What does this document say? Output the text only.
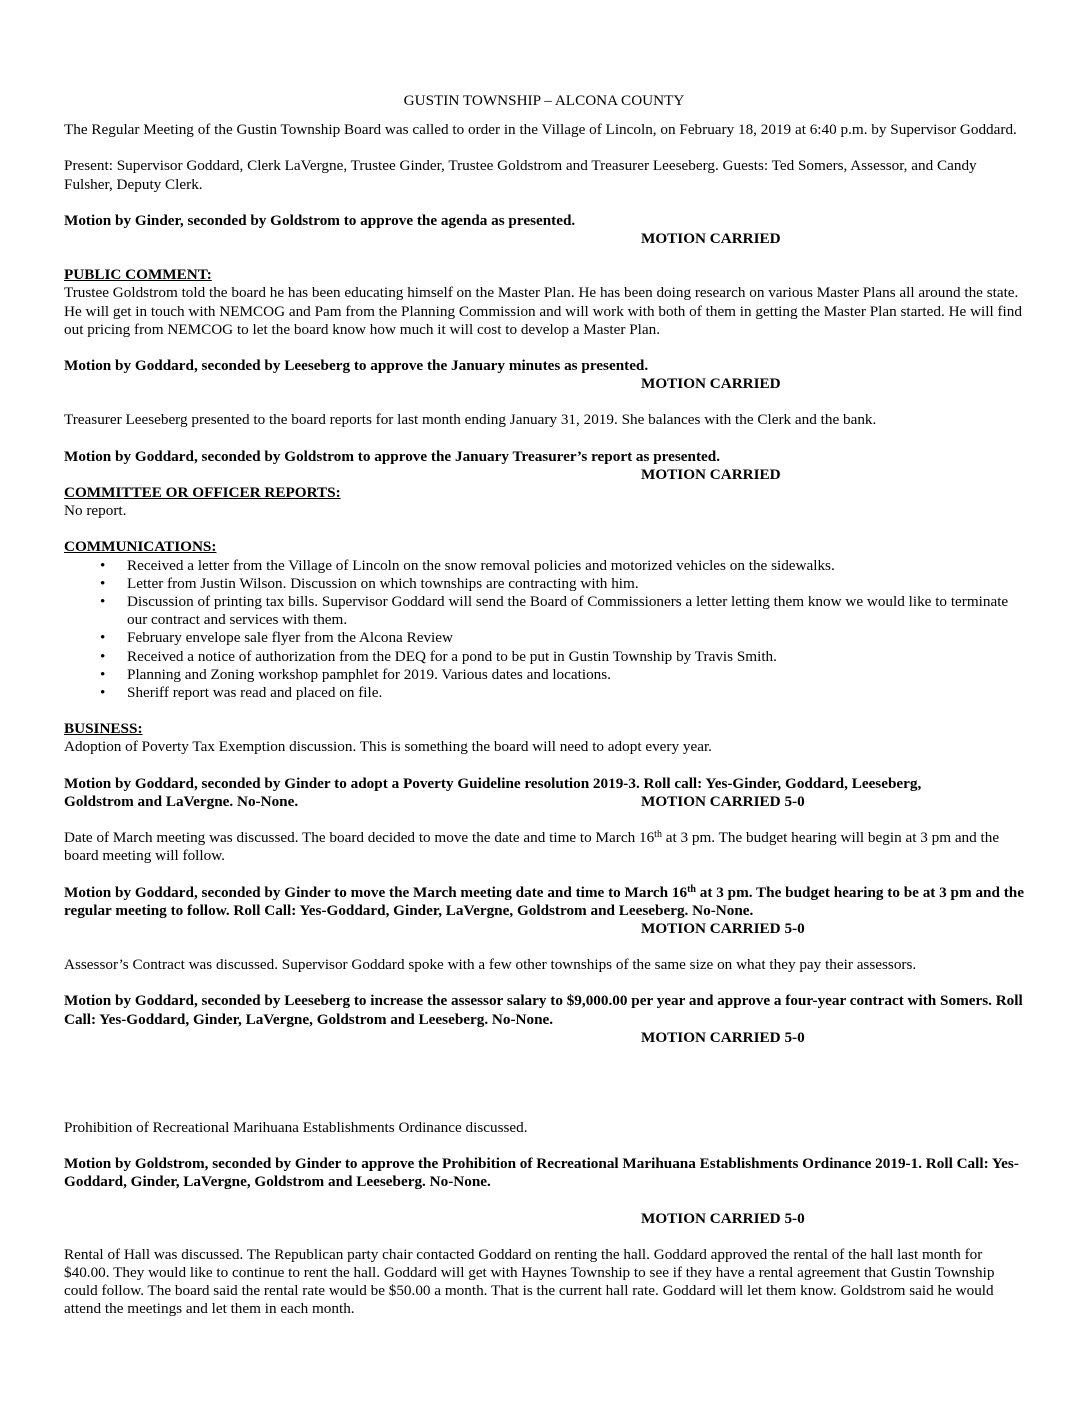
GUSTIN TOWNSHIP – ALCONA COUNTY

The Regular Meeting of the Gustin Township Board was called to order in the Village of Lincoln, on February 18, 2019 at 6:40 p.m. by Supervisor Goddard.

Present: Supervisor Goddard, Clerk LaVergne, Trustee Ginder, Trustee Goldstrom and Treasurer Leeseberg. Guests: Ted Somers, Assessor, and Candy Fulsher, Deputy Clerk.

Motion by Ginder, seconded by Goldstrom to approve the agenda as presented.

MOTION CARRIED

PUBLIC COMMENT:

Trustee Goldstrom told the board he has been educating himself on the Master Plan. He has been doing research on various Master Plans all around the state. He will get in touch with NEMCOG and Pam from the Planning Commission and will work with both of them in getting the Master Plan started. He will find out pricing from NEMCOG to let the board know how much it will cost to develop a Master Plan.

Motion by Goddard, seconded by Leeseberg to approve the January minutes as presented.

MOTION CARRIED

Treasurer Leeseberg presented to the board reports for last month ending January 31, 2019. She balances with the Clerk and the bank.

Motion by Goddard, seconded by Goldstrom to approve the January Treasurer’s report as presented.

MOTION CARRIED

COMMITTEE OR OFFICER REPORTS:

No report.

COMMUNICATIONS:

• Received a letter from the Village of Lincoln on the snow removal policies and motorized vehicles on the sidewalks.
• Letter from Justin Wilson. Discussion on which townships are contracting with him.
• Discussion of printing tax bills. Supervisor Goddard will send the Board of Commissioners a letter letting them know we would like to terminate our contract and services with them.
• February envelope sale flyer from the Alcona Review
• Received a notice of authorization from the DEQ for a pond to be put in Gustin Township by Travis Smith.
• Planning and Zoning workshop pamphlet for 2019. Various dates and locations.
• Sheriff report was read and placed on file.

BUSINESS:

Adoption of Poverty Tax Exemption discussion. This is something the board will need to adopt every year.

Motion by Goddard, seconded by Ginder to adopt a Poverty Guideline resolution 2019-3. Roll call: Yes-Ginder, Goddard, Leeseberg,

Goldstrom and LaVergne. No-None.	MOTION CARRIED 5-0

Date of March meeting was discussed. The board decided to move the date and time to March 16th at 3 pm. The budget hearing will begin at 3 pm and the board meeting will follow.

Motion by Goddard, seconded by Ginder to move the March meeting date and time to March 16th at 3 pm. The budget hearing to be at 3 pm and the regular meeting to follow. Roll Call: Yes-Goddard, Ginder, LaVergne, Goldstrom and Leeseberg. No-None.

MOTION CARRIED 5-0

Assessor’s Contract was discussed. Supervisor Goddard spoke with a few other townships of the same size on what they pay their assessors.

Motion by Goddard, seconded by Leeseberg to increase the assessor salary to $9,000.00 per year and approve a four-year contract with Somers. Roll Call: Yes-Goddard, Ginder, LaVergne, Goldstrom and Leeseberg. No-None.

MOTION CARRIED 5-0

Prohibition of Recreational Marihuana Establishments Ordinance discussed.

Motion by Goldstrom, seconded by Ginder to approve the Prohibition of Recreational Marihuana Establishments Ordinance 2019-1. Roll Call: Yes-Goddard, Ginder, LaVergne, Goldstrom and Leeseberg. No-None.

MOTION CARRIED 5-0

Rental of Hall was discussed. The Republican party chair contacted Goddard on renting the hall. Goddard approved the rental of the hall last month for $40.00. They would like to continue to rent the hall. Goddard will get with Haynes Township to see if they have a rental agreement that Gustin Township could follow. The board said the rental rate would be $50.00 a month. That is the current hall rate. Goddard will let them know. Goldstrom said he would attend the meetings and let them in each month.
